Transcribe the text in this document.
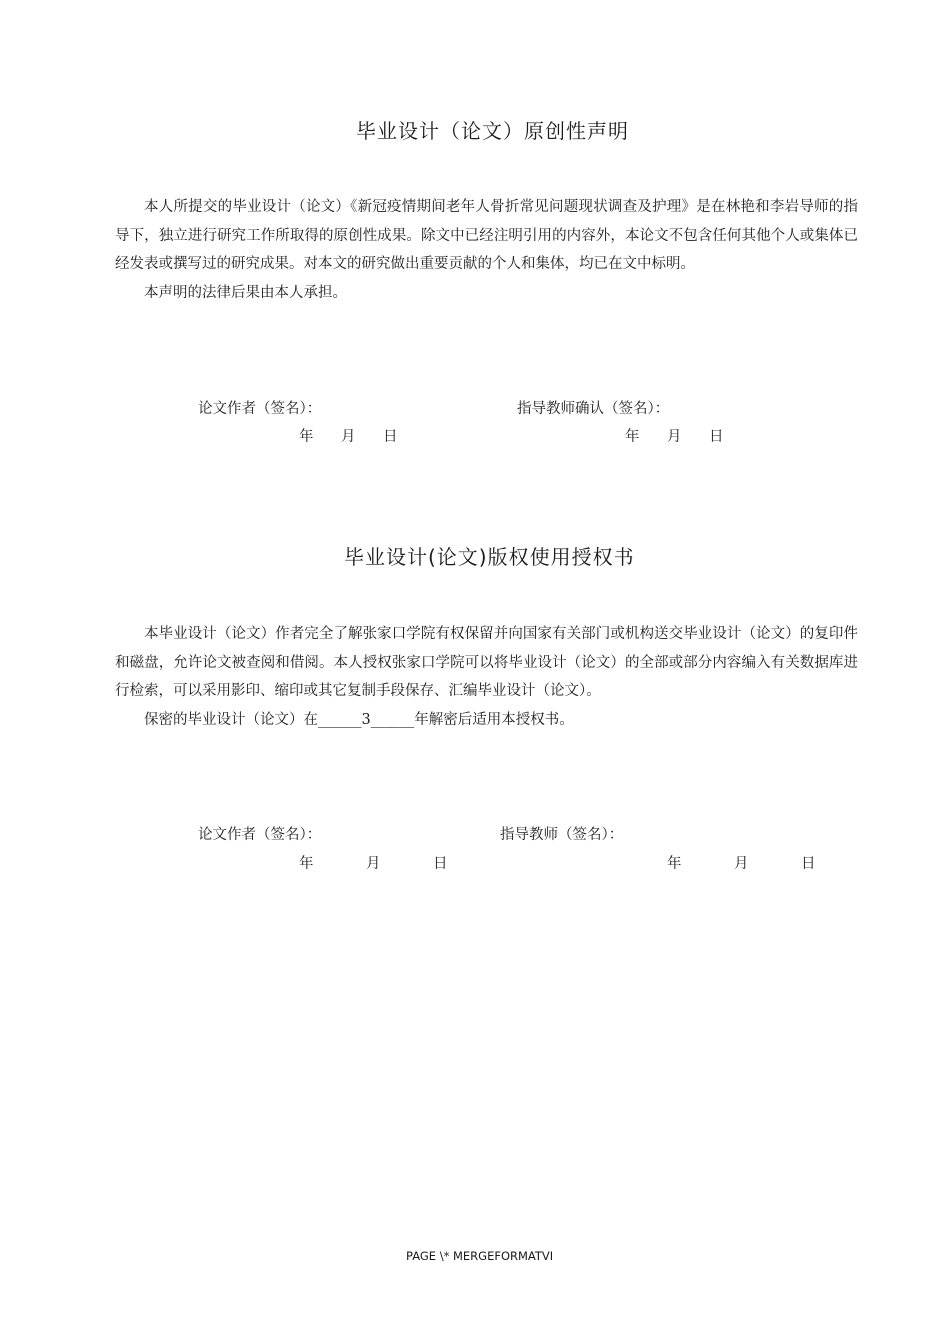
毕业设计（论文）原创性声明

本人所提交的毕业设计（论文）《新冠疫情期间老年人骨折常见问题现状调查及护理》是在林艳和李岩导师的指导下，独立进行研究工作所取得的原创性成果。除文中已经注明引用的内容外，本论文不包含任何其他个人或集体已经发表或撰写过的研究成果。对本文的研究做出重要贡献的个人和集体，均已在文中标明。

本声明的法律后果由本人承担。

论文作者（签名）：	指导教师确认（签名）：
年 月 日	年 月 日
毕业设计(论文)版权使用授权书

本毕业设计（论文）作者完全了解张家口学院有权保留并向国家有关部门或机构送交毕业设计（论文）的复印件和磁盘，允许论文被查阅和借阅。本人授权张家口学院可以将毕业设计（论文）的全部或部分内容编入有关数据库进行检索，可以采用影印、缩印或其它复制手段保存、汇编毕业设计（论文）。

保密的毕业设计（论文）在______3______年解密后适用本授权书。

论文作者（签名）：	指导教师（签名）：
年	月	日	年	月	日
PAGE \* MERGEFORMATVI
